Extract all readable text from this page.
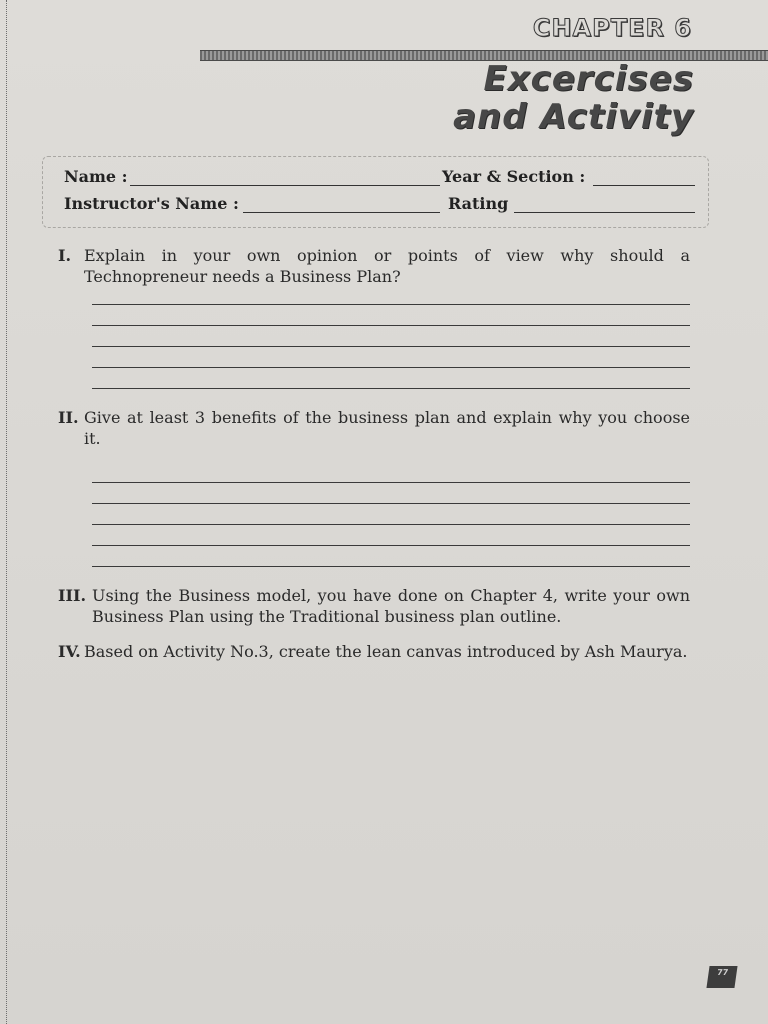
CHAPTER 6
Excercises
and Activity
Name :	Year & Section :
Instructor's Name :	Rating
I. Explain in your own opinion or points of view why should a Technopreneur needs a Business Plan?
II. Give at least 3 benefits of the business plan and explain why you choose it.
III. Using the Business model, you have done on Chapter 4, write your own Business Plan using the Traditional business plan outline.
IV. Based on Activity No.3, create the lean canvas introduced by Ash Maurya.
77
